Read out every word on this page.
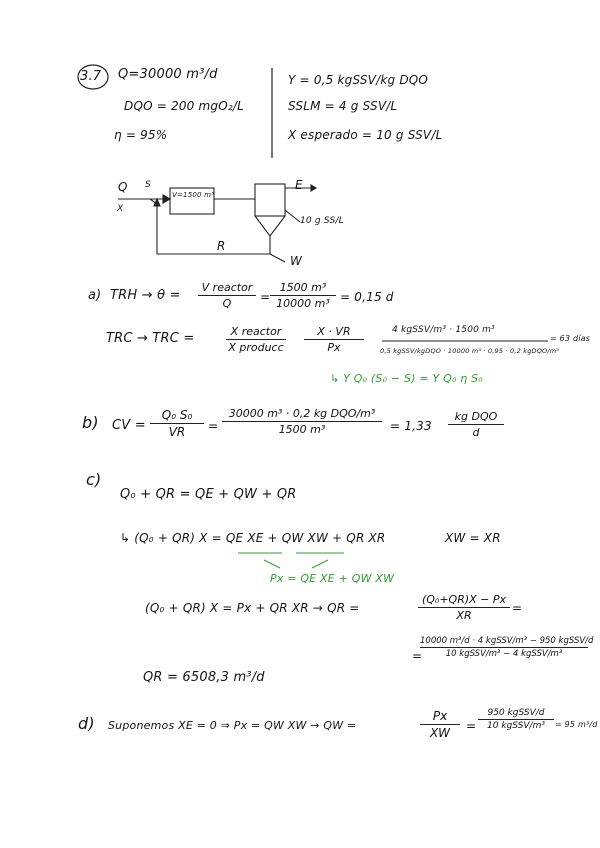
3.7 Q=30000 m³/d
DQO = 200 mgO₂/L
η = 95%
Y = 0,5 kgSSV/kg DQO
SSLM = 4 g SSV/L
X esperado = 10 g SSV/L
Q
X
S
V=1500 m³
E
10 g SS/L
R
W
a) TRH → θ =
V reactor
Q	=
1500 m³
10000 m³ = 0,15 d
TRC → TRC =	X reactor
X producc
X · VR
Px
4 kgSSV/m³ · 1500 m³
0,5 kgSSV/kgDQO · 10000 m³ · 0,95 · 0,2 kgDQO/m³
= 63 días
↳ Y Q₀ (S₀ − S) = Y Q₀ η S₀
b) CV =
Q₀ S₀
VR	=
30000 m³ · 0,2 kg DQO/m³
1500 m³	= 1,33
kg DQO
d
c)
Q₀ + QR = QE + QW + QR
↳ (Q₀ + QR) X = QE XE + QW XW + QR XR	XW = XR
Px = QE XE + QW XW
(Q₀ + QR) X = Px + QR XR → QR =
(Q₀+QR)X − Px
XR
=
=
10000 m³/d · 4 kgSSV/m³ − 950 kgSSV/d
10 kgSSV/m³ − 4 kgSSV/m³
QR = 6508,3 m³/d
d) Suponemos XE = 0 ⇒ Px = QW XW → QW =
Px
XW	=
950 kgSSV/d
10 kgSSV/m³	= 95 m³/d
